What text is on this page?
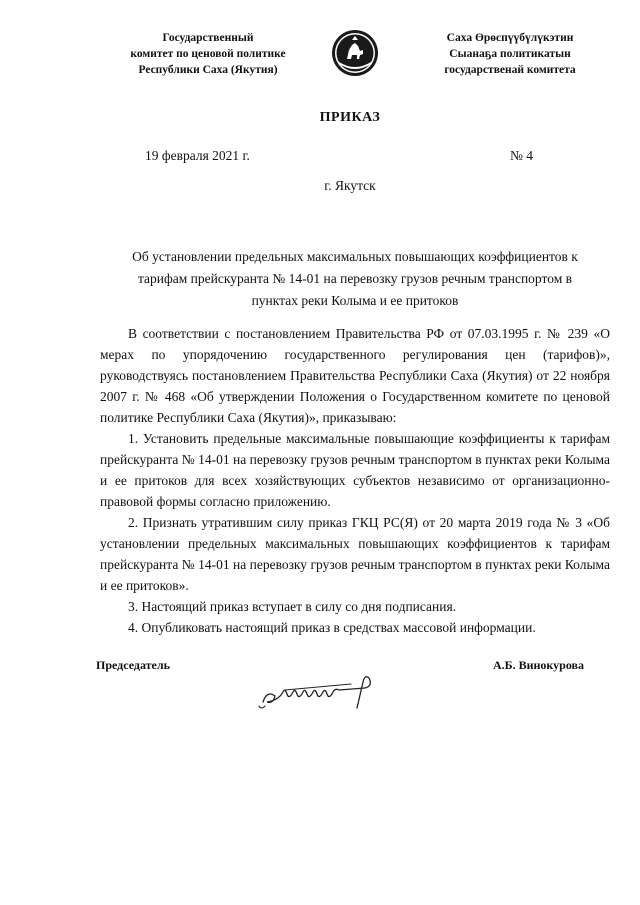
Государственный
комитет по ценовой политике
Республики Саха (Якутия)
Саха Өрөспүүбүлүкэтин
Сыанаҕа политикатын
государственай комитета
ПРИКАЗ
19 февраля 2021 г.	№ 4
г. Якутск
Об установлении предельных максимальных повышающих коэффициентов к
тарифам прейскуранта № 14-01 на перевозку грузов речным транспортом в
пунктах реки Колыма и ее притоков

В соответствии с постановлением Правительства РФ от 07.03.1995 г. № 239 «О мерах по упорядочению государственного регулирования цен (тарифов)», руководствуясь постановлением Правительства Республики Саха (Якутия) от 22 ноября 2007 г. № 468 «Об утверждении Положения о Государственном комитете по ценовой политике Республики Саха (Якутия)», приказываю:

1. Установить предельные максимальные повышающие коэффициенты к тарифам прейскуранта № 14-01 на перевозку грузов речным транспортом в пунктах реки Колыма и ее притоков для всех хозяйствующих субъектов независимо от организационно-правовой формы согласно приложению.

2. Признать утратившим силу приказ ГКЦ РС(Я) от 20 марта 2019 года № 3 «Об установлении предельных максимальных повышающих коэффициентов к тарифам прейскуранта № 14-01 на перевозку грузов речным транспортом в пунктах реки Колыма и ее притоков».

3. Настоящий приказ вступает в силу со дня подписания.

4. Опубликовать настоящий приказ в средствах массовой информации.

Председатель	А.Б. Винокурова
